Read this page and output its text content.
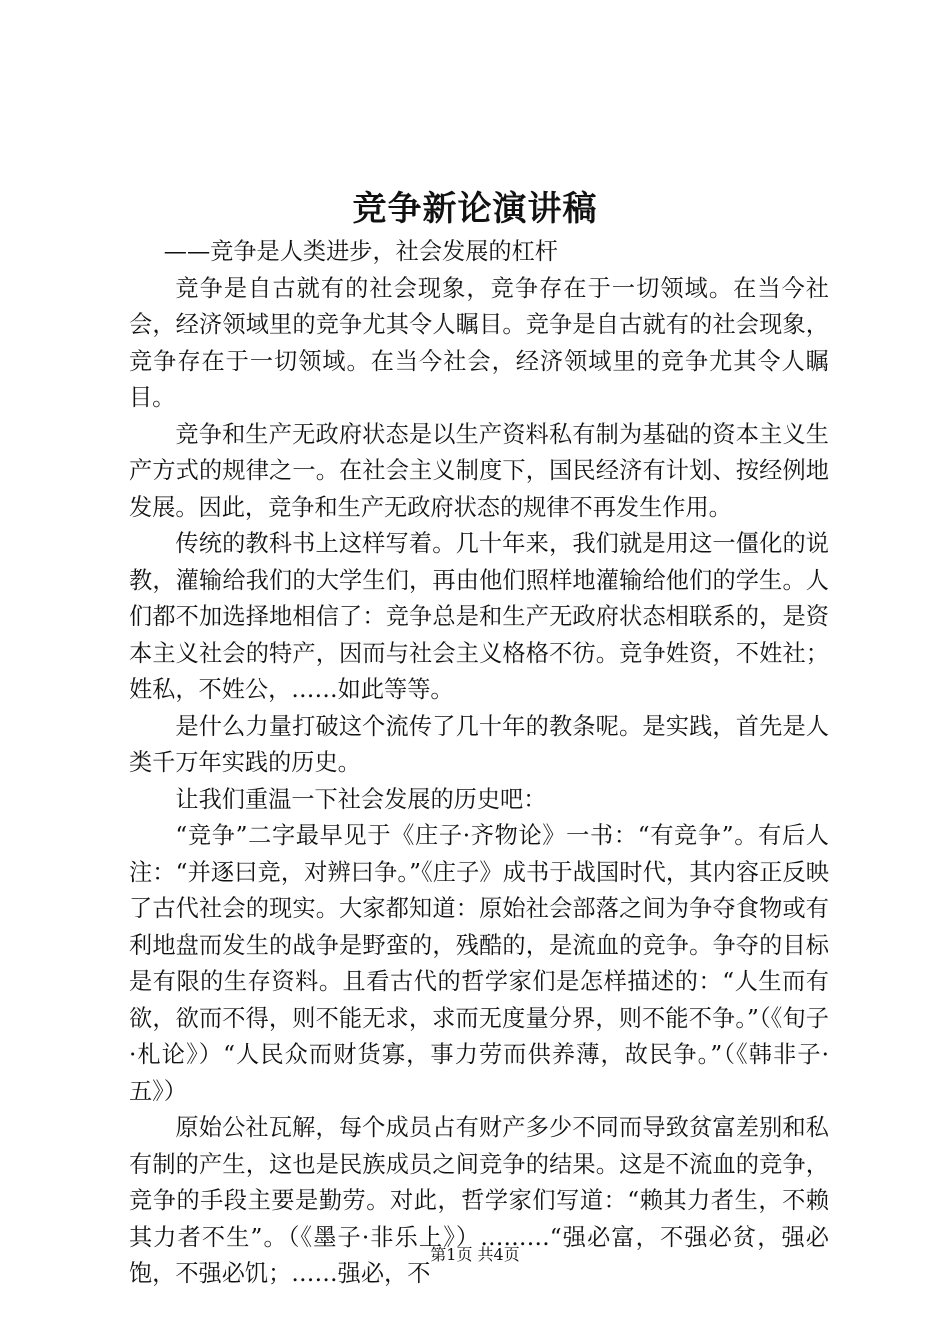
竞争新论演讲稿

——竞争是人类进步，社会发展的杠杆

竞争是自古就有的社会现象，竞争存在于一切领域。在当今社会，经济领域里的竞争尤其令人瞩目。竞争是自古就有的社会现象，竞争存在于一切领域。在当今社会，经济领域里的竞争尤其令人瞩目。

竞争和生产无政府状态是以生产资料私有制为基础的资本主义生产方式的规律之一。在社会主义制度下，国民经济有计划、按经例地发展。因此，竞争和生产无政府状态的规律不再发生作用。

传统的教科书上这样写着。几十年来，我们就是用这一僵化的说教，灌输给我们的大学生们，再由他们照样地灌输给他们的学生。人们都不加选择地相信了：竞争总是和生产无政府状态相联系的，是资本主义社会的特产，因而与社会主义格格不彷。竞争姓资，不姓社；姓私，不姓公，……如此等等。

是什么力量打破这个流传了几十年的教条呢。是实践，首先是人类千万年实践的历史。

让我们重温一下社会发展的历史吧：

“竞争”二字最早见于《庄子·齐物论》一书：“有竞争”。有后人注：“并逐曰竞，对辨曰争。”《庄子》成书于战国时代，其内容正反映了古代社会的现实。大家都知道：原始社会部落之间为争夺食物或有利地盘而发生的战争是野蛮的，残酷的，是流血的竞争。争夺的目标是有限的生存资料。且看古代的哲学家们是怎样描述的：“人生而有欲，欲而不得，则不能无求，求而无度量分界，则不能不争。”（《旬子·札论》）“人民众而财货寡，事力劳而供养薄，故民争。”（《韩非子·五》）

原始公社瓦解，每个成员占有财产多少不同而导致贫富差别和私有制的产生，这也是民族成员之间竞争的结果。这是不流血的竞争，竞争的手段主要是勤劳。对此，哲学家们写道：“赖其力者生，不赖其力者不生”。（《墨子·非乐上》）………“强必富，不强必贫，强必饱，不强必饥；……强必，不

第1页 共4页
